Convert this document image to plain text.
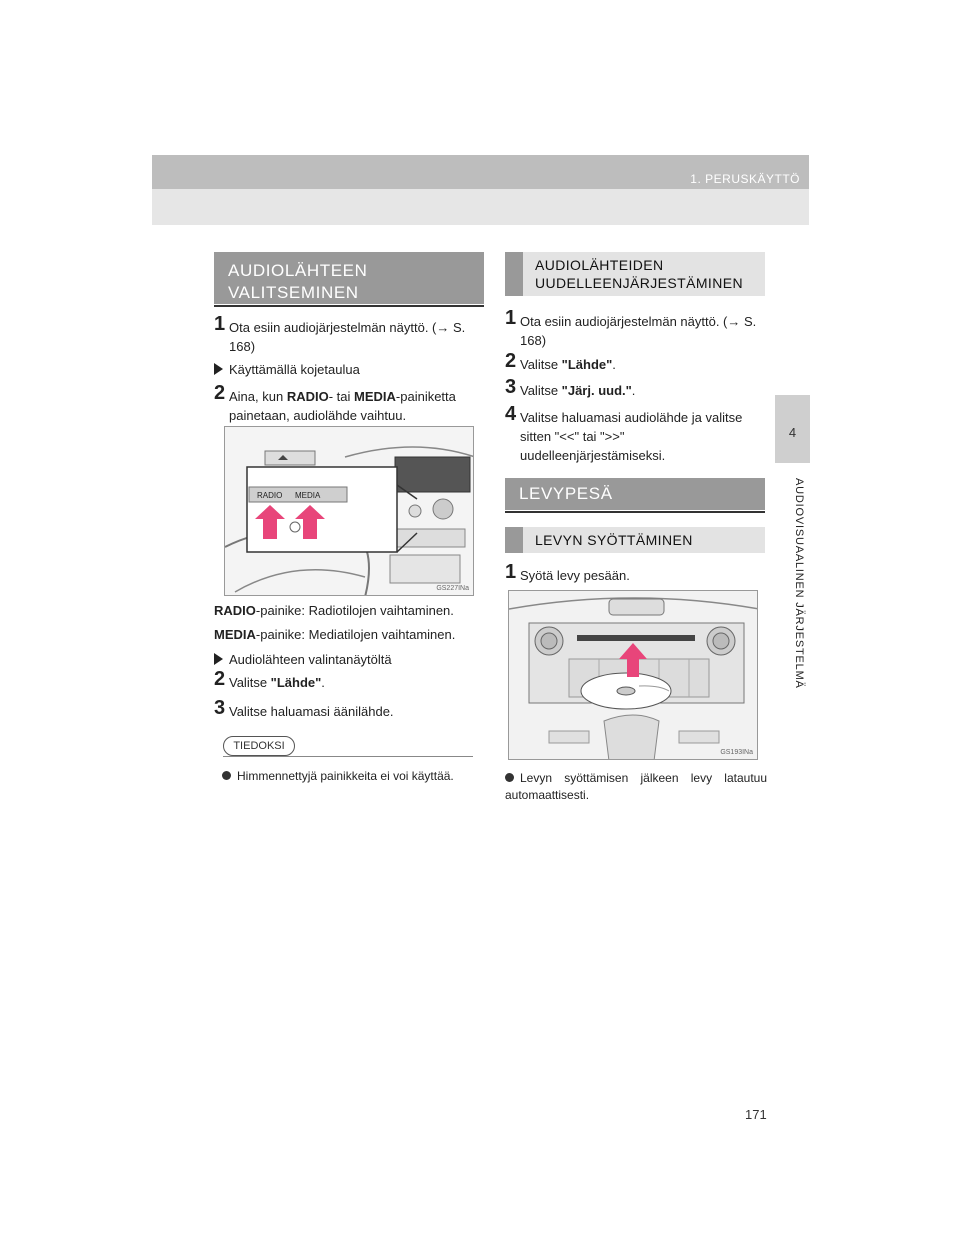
1. PERUSKÄYTTÖ
4
AUDIOVISUAALINEN JÄRJESTELMÄ
AUDIOLÄHTEEN VALITSEMINEN
1 Ota esiin audiojärjestelmän näyttö. (→ S. 168)
Käyttämällä kojetaulua
2 Aina, kun RADIO- tai MEDIA-painiketta painetaan, audiolähde vaihtuu.
RADIO MEDIA
GS227INa
RADIO-painike: Radiotilojen vaihtaminen.
MEDIA-painike: Mediatilojen vaihtaminen.
Audiolähteen valintanäytöltä
2 Valitse "Lähde".
3 Valitse haluamasi äänilähde.
TIEDOKSI
Himmennettyjä painikkeita ei voi käyttää.
AUDIOLÄHTEIDEN
UUDELLEENJÄRJESTÄMINEN
1 Ota esiin audiojärjestelmän näyttö. (→ S. 168)
2 Valitse "Lähde".
3 Valitse "Järj. uud.".
4 Valitse haluamasi audiolähde ja valitse sitten "<<" tai ">>" uudelleenjärjestämiseksi.
LEVYPESÄ
LEVYN SYÖTTÄMINEN
1 Syötä levy pesään.
GS193INa
Levyn syöttämisen jälkeen levy latautuu automaattisesti.
171
